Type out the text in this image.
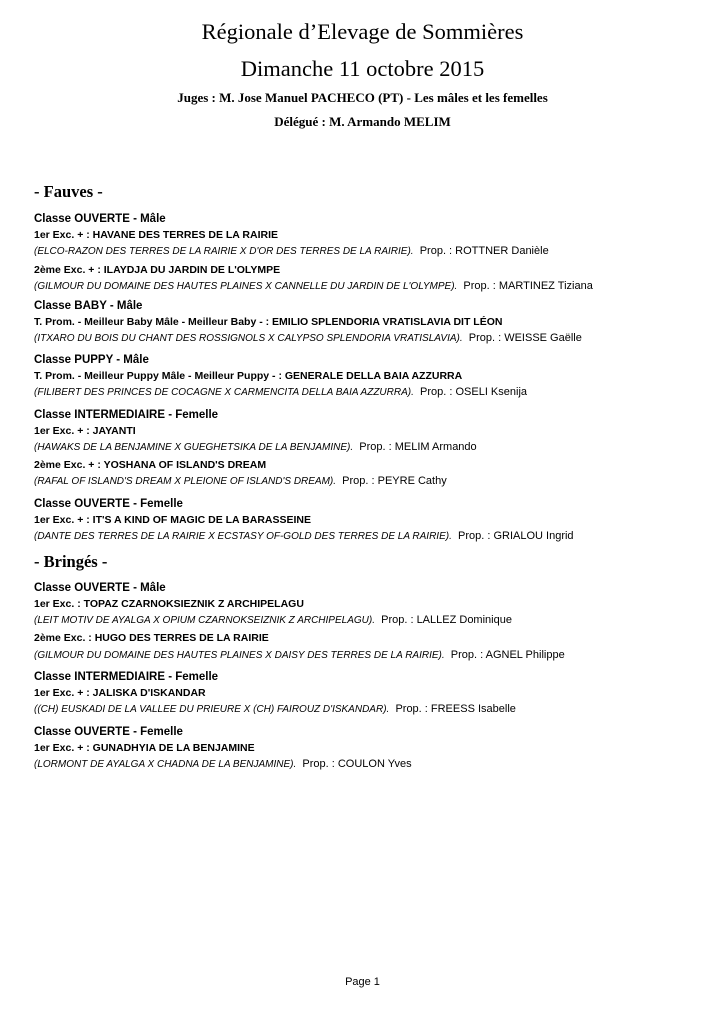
Régionale d’Elevage de Sommières
Dimanche 11 octobre 2015
Juges : M. Jose Manuel PACHECO (PT) - Les mâles et les femelles
Délégué : M. Armando MELIM
- Fauves -
Classe OUVERTE - Mâle
1er Exc. + : HAVANE DES TERRES DE LA RAIRIE
(ELCO-RAZON DES TERRES DE LA RAIRIE X D'OR DES TERRES DE LA RAIRIE). Prop. : ROTTNER Danièle
2ème Exc. + : ILAYDJA DU JARDIN DE L'OLYMPE
(GILMOUR DU DOMAINE DES HAUTES PLAINES X CANNELLE DU JARDIN DE L'OLYMPE). Prop. : MARTINEZ Tiziana
Classe BABY - Mâle
T. Prom. - Meilleur Baby Mâle - Meilleur Baby - : EMILIO SPLENDORIA VRATISLAVIA DIT LÉON
(ITXARO DU BOIS DU CHANT DES ROSSIGNOLS X CALYPSO SPLENDORIA VRATISLAVIA). Prop. : WEISSE Gaëlle
Classe PUPPY - Mâle
T. Prom. - Meilleur Puppy Mâle - Meilleur Puppy - : GENERALE DELLA BAIA AZZURRA
(FILIBERT DES PRINCES DE COCAGNE X CARMENCITA DELLA BAIA AZZURRA). Prop. : OSELI Ksenija
Classe INTERMEDIAIRE - Femelle
1er Exc. + : JAYANTI
(HAWAKS DE LA BENJAMINE X GUEGHETSIKA DE LA BENJAMINE). Prop. : MELIM Armando
2ème Exc. + : YOSHANA OF ISLAND'S DREAM
(RAFAL OF ISLAND'S DREAM X PLEIONE OF ISLAND'S DREAM). Prop. : PEYRE Cathy
Classe OUVERTE - Femelle
1er Exc. + : IT'S A KIND OF MAGIC DE LA BARASSEINE
(DANTE DES TERRES DE LA RAIRIE X ECSTASY OF-GOLD DES TERRES DE LA RAIRIE). Prop. : GRIALOU Ingrid
- Bringés -
Classe OUVERTE - Mâle
1er Exc. : TOPAZ CZARNOKSIEZNIK Z ARCHIPELAGU
(LEIT MOTIV DE AYALGA X OPIUM CZARNOKSEIZNIK Z ARCHIPELAGU). Prop. : LALLEZ Dominique
2ème Exc. : HUGO DES TERRES DE LA RAIRIE
(GILMOUR DU DOMAINE DES HAUTES PLAINES X DAISY DES TERRES DE LA RAIRIE). Prop. : AGNEL Philippe
Classe INTERMEDIAIRE - Femelle
1er Exc. + : JALISKA D'ISKANDAR
((CH) EUSKADI DE LA VALLEE DU PRIEURE X (CH) FAIROUZ D'ISKANDAR). Prop. : FREESS Isabelle
Classe OUVERTE - Femelle
1er Exc. + : GUNADHYIA DE LA BENJAMINE
(LORMONT DE AYALGA X CHADNA DE LA BENJAMINE). Prop. : COULON Yves
Page 1
